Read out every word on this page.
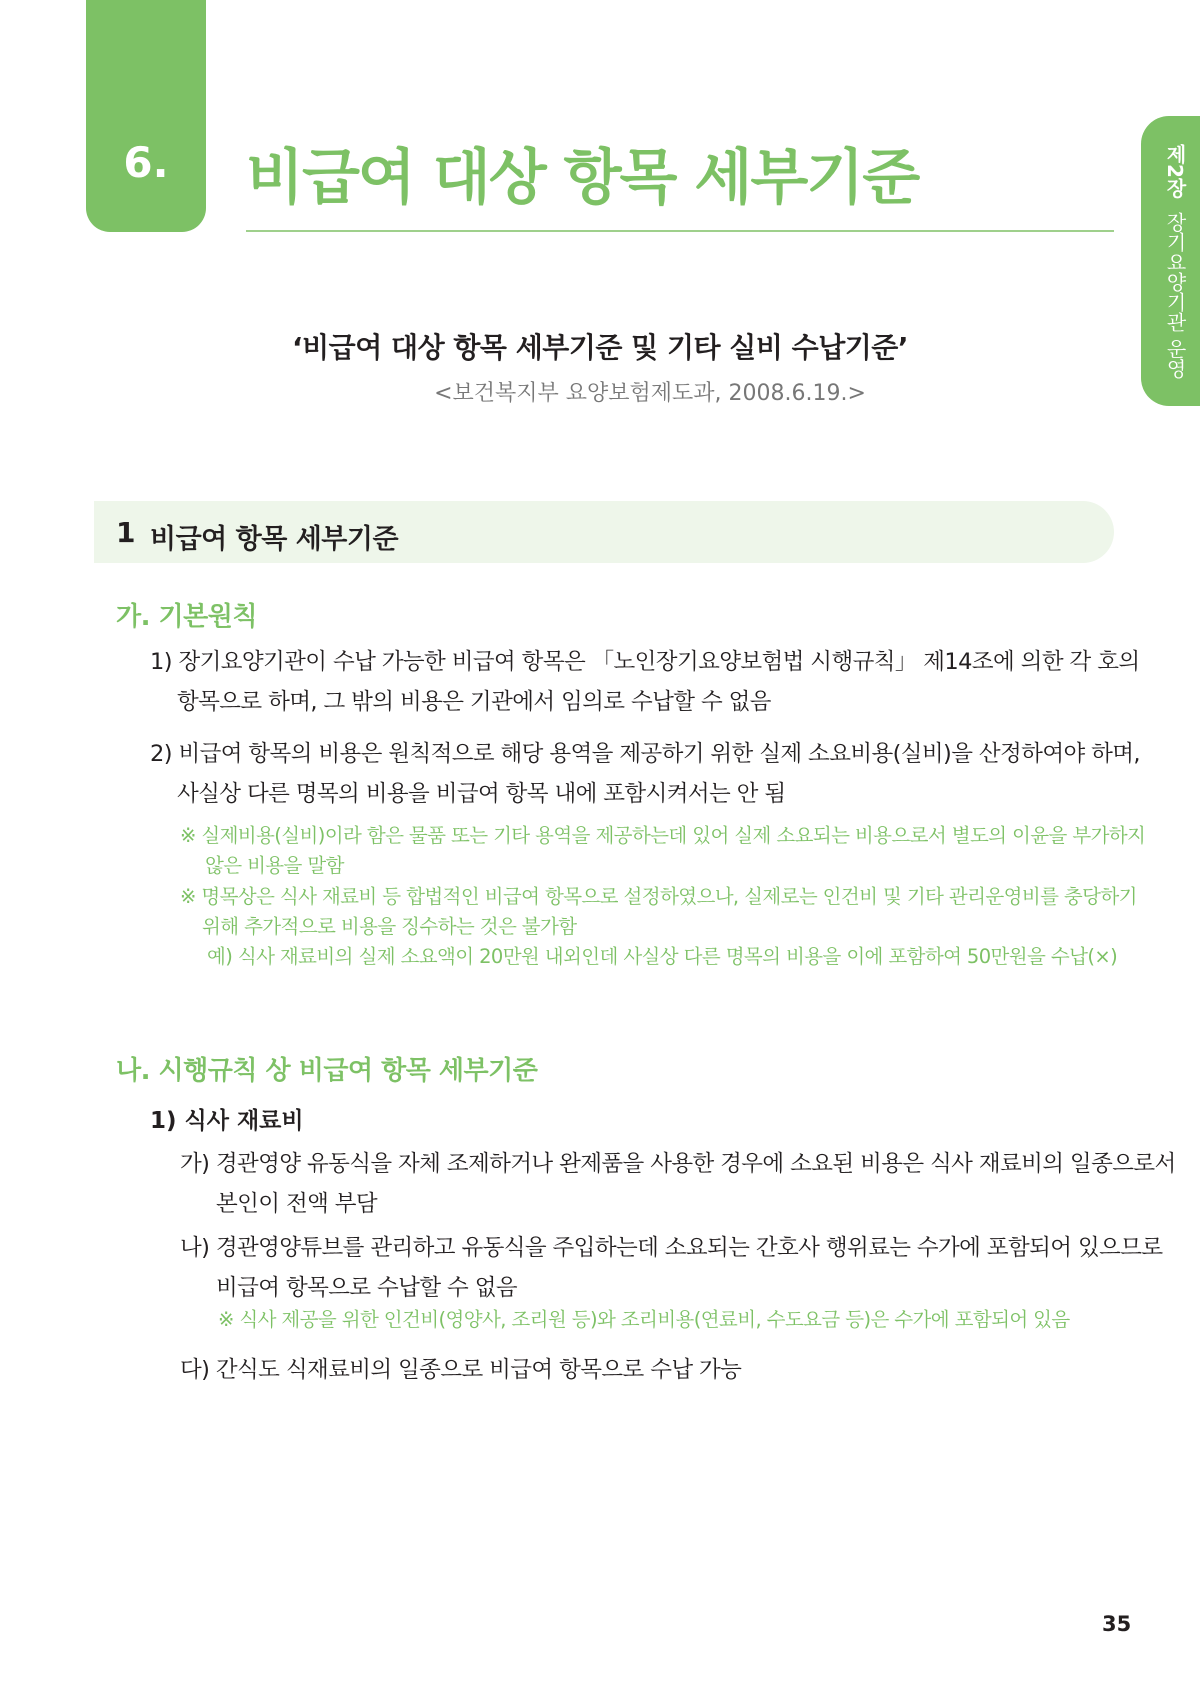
6.	비급여 대상 항목 세부기준	제2장장기요양기관 운영
‘비급여 대상 항목 세부기준 및 기타 실비 수납기준’
<보건복지부 요양보험제도과, 2008.6.19.>
1 비급여 항목 세부기준
가. 기본원칙
1) 장기요양기관이 수납 가능한 비급여 항목은 「노인장기요양보험법 시행규칙」 제14조에 의한 각 호의
항목으로 하며, 그 밖의 비용은 기관에서 임의로 수납할 수 없음
2) 비급여 항목의 비용은 원칙적으로 해당 용역을 제공하기 위한 실제 소요비용(실비)을 산정하여야 하며,
사실상 다른 명목의 비용을 비급여 항목 내에 포함시켜서는 안 됨
※ 실제비용(실비)이라 함은 물품 또는 기타 용역을 제공하는데 있어 실제 소요되는 비용으로서 별도의 이윤을 부가하지
않은 비용을 말함
※ 명목상은 식사 재료비 등 합법적인 비급여 항목으로 설정하였으나, 실제로는 인건비 및 기타 관리운영비를 충당하기
위해 추가적으로 비용을 징수하는 것은 불가함
예) 식사 재료비의 실제 소요액이 20만원 내외인데 사실상 다른 명목의 비용을 이에 포함하여 50만원을 수납(×)
나. 시행규칙 상 비급여 항목 세부기준
1) 식사 재료비
가) 경관영양 유동식을 자체 조제하거나 완제품을 사용한 경우에 소요된 비용은 식사 재료비의 일종으로서
본인이 전액 부담
나) 경관영양튜브를 관리하고 유동식을 주입하는데 소요되는 간호사 행위료는 수가에 포함되어 있으므로
비급여 항목으로 수납할 수 없음
※ 식사 제공을 위한 인건비(영양사, 조리원 등)와 조리비용(연료비, 수도요금 등)은 수가에 포함되어 있음
다) 간식도 식재료비의 일종으로 비급여 항목으로 수납 가능
35
